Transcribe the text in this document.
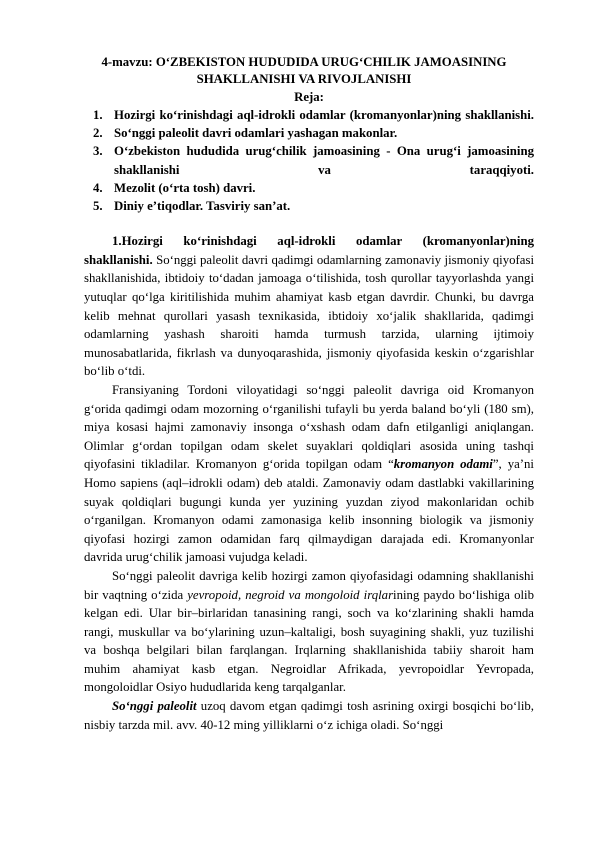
4-mavzu: O‘ZBEKISTON HUDUDIDA URUG‘CHILIK JAMOASINING
SHAKLLANISHI VA RIVOJLANISHI
Reja:
1. Hozirgi ko‘rinishdagi aql-idrokli odamlar (kromanyonlar)ning shakllanishi.
2. So‘nggi paleolit davri odamlari yashagan makonlar.
3. O‘zbekiston hududida urug‘chilik jamoasining - Ona urug‘i jamoasining shakllanishi va taraqqiyoti.
4. Mezolit (o‘rta tosh) davri.
5. Diniy e’tiqodlar. Tasviriy san’at.

1.Hozirgi ko‘rinishdagi aql-idrokli odamlar (kromanyonlar)ning shakllanishi. So‘nggi paleolit davri qadimgi odamlarning zamonaviy jismoniy qiyofasi shakllanishida, ibtidoiy to‘dadan jamoaga o‘tilishida, tosh qurollar tayyorlashda yangi yutuqlar qo‘lga kiritilishida muhim ahamiyat kasb etgan davrdir. Chunki, bu davrga kelib mehnat qurollari yasash texnikasida, ibtidoiy xo‘jalik shakllarida, qadimgi odamlarning yashash sharoiti hamda turmush tarzida, ularning ijtimoiy munosabatlarida, fikrlash va dunyoqarashida, jismoniy qiyofasida keskin o‘zgarishlar bo‘lib o‘tdi.

Fransiyaning Tordoni viloyatidagi so‘nggi paleolit davriga oid Kromanyon g‘orida qadimgi odam mozorning o‘rganilishi tufayli bu yerda baland bo‘yli (180 sm), miya kosasi hajmi zamonaviy insonga o‘xshash odam dafn etilganligi aniqlangan. Olimlar g‘ordan topilgan odam skelet suyaklari qoldiqlari asosida uning tashqi qiyofasini tikladilar. Kromanyon g‘orida topilgan odam “kromanyon odami”, ya’ni Homo sapiens (aql–idrokli odam) deb ataldi. Zamonaviy odam dastlabki vakillarining suyak qoldiqlari bugungi kunda yer yuzining yuzdan ziyod makonlaridan ochib o‘rganilgan. Kromanyon odami zamonasiga kelib insonning biologik va jismoniy qiyofasi hozirgi zamon odamidan farq qilmaydigan darajada edi. Kromanyonlar davrida urug‘chilik jamoasi vujudga keladi.

So‘nggi paleolit davriga kelib hozirgi zamon qiyofasidagi odamning shakllanishi bir vaqtning o‘zida yevropoid, negroid va mongoloid irqlarining paydo bo‘lishiga olib kelgan edi. Ular bir–birlaridan tanasining rangi, soch va ko‘zlarining shakli hamda rangi, muskullar va bo‘ylarining uzun–kaltaligi, bosh suyagining shakli, yuz tuzilishi va boshqa belgilari bilan farqlangan. Irqlarning shakllanishida tabiiy sharoit ham muhim ahamiyat kasb etgan. Negroidlar Afrikada, yevropoidlar Yevropada, mongoloidlar Osiyo hududlarida keng tarqalganlar.

So‘nggi paleolit uzoq davom etgan qadimgi tosh asrining oxirgi bosqichi bo‘lib, nisbiy tarzda mil. avv. 40-12 ming yilliklarni o‘z ichiga oladi. So‘nggi
